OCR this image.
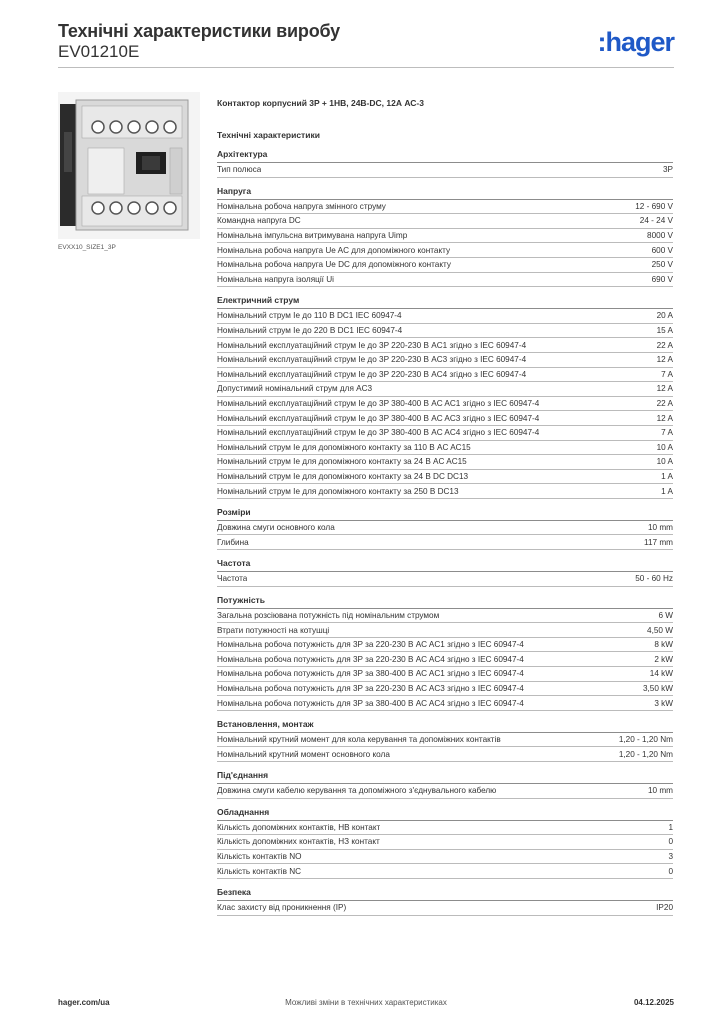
Технічні характеристики виробу
EV01210E	:hager
EVXX10_SIZE1_3P
Контактор корпусний 3P + 1НВ, 24В-DC, 12А АС-3
Технічні характеристики
Архітектура
Тип полюса	3P
Напруга
Номінальна робоча напруга змінного струму	12 - 690 V
Командна напруга DC	24 - 24 V
Номінальна імпульсна витримувана напруга Uimp	8000 V
Номінальна робоча напруга Ue AC для допоміжного контакту	600 V
Номінальна робоча напруга Ue DC для допоміжного контакту	250 V
Номінальна напруга ізоляції Ui	690 V
Електричний струм
Номінальний струм Ie до 110 В DC1 IEC 60947-4	20 A
Номінальний струм Ie до 220 В DC1 IEC 60947-4	15 A
Номінальний експлуатаційний струм Ie до 3P 220-230 В AC1 згідно з IEC 60947-4	22 A
Номінальний експлуатаційний струм Ie до 3P 220-230 В AC3 згідно з IEC 60947-4	12 A
Номінальний експлуатаційний струм Ie до 3P 220-230 В AC4 згідно з IEC 60947-4	7 A
Допустимий номінальний струм для AC3	12 A
Номінальний експлуатаційний струм Ie до 3P 380-400 В AC AC1 згідно з IEC 60947-4	22 A
Номінальний експлуатаційний струм Ie до 3P 380-400 В AC AC3 згідно з IEC 60947-4	12 A
Номінальний експлуатаційний струм Ie до 3P 380-400 В AC AC4 згідно з IEC 60947-4	7 A
Номінальний струм Ie для допоміжного контакту за 110 В AC AC15	10 A
Номінальний струм Ie для допоміжного контакту за 24 В AC AC15	10 A
Номінальний струм Ie для допоміжного контакту за 24 В DC DC13	1 A
Номінальний струм Ie для допоміжного контакту за 250 В DC13	1 A
Розміри
Довжина смуги основного кола	10 mm
Глибина	117 mm
Частота
Частота	50 - 60 Hz
Потужність
Загальна розсіювана потужність під номінальним струмом	6 W
Втрати потужності на котушці	4,50 W
Номінальна робоча потужність для 3P за 220-230 В AC AC1 згідно з IEC 60947-4	8 kW
Номінальна робоча потужність для 3P за 220-230 В AC AC4 згідно з IEC 60947-4	2 kW
Номінальна робоча потужність для 3P за 380-400 В AC AC1 згідно з IEC 60947-4	14 kW
Номінальна робоча потужність для 3P за 220-230 В AC AC3 згідно з IEC 60947-4	3,50 kW
Номінальна робоча потужність для 3P за 380-400 В AC AC4 згідно з IEC 60947-4	3 kW
Встановлення, монтаж
Номінальний крутний момент для кола керування та допоміжних контактів	1,20 - 1,20 Nm
Номінальний крутний момент основного кола	1,20 - 1,20 Nm
Під'єднання
Довжина смуги кабелю керування та допоміжного з'єднувального кабелю	10 mm
Обладнання
Кількість допоміжних контактів, НВ контакт	1
Кількість допоміжних контактів, НЗ контакт	0
Кількість контактів NO	3
Кількість контактів NC	0
Безпека
Клас захисту від проникнення (IP)	IP20
hager.com/ua	Можливі зміни в технічних характеристиках	04.12.2025
